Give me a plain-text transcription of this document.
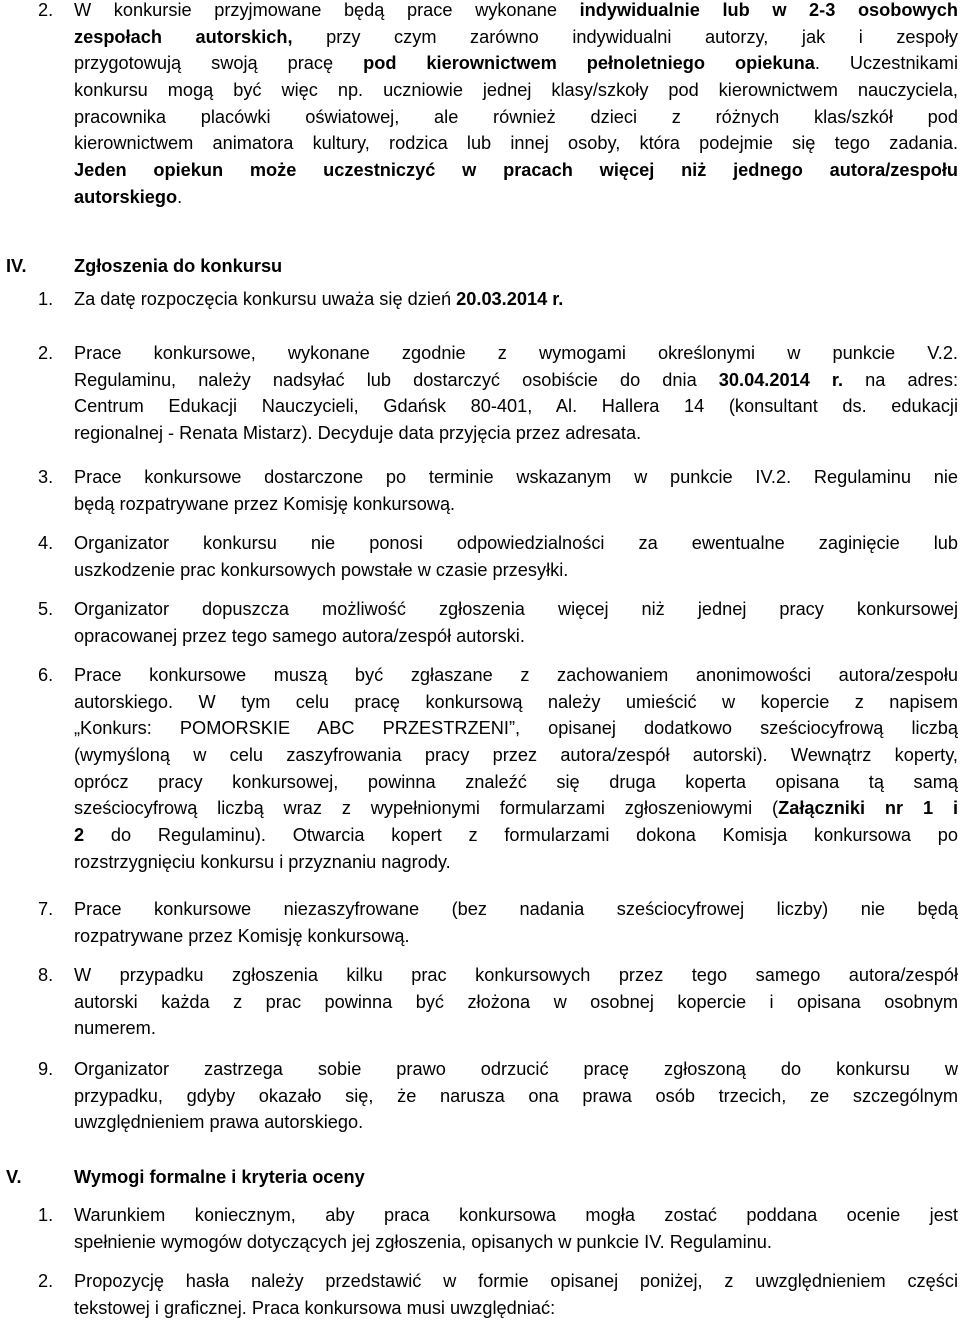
2. W konkursie przyjmowane będą prace wykonane indywidualnie lub w 2-3 osobowych
zespołach autorskich, przy czym zarówno indywidualni autorzy, jak i zespoły
przygotowują swoją pracę pod kierownictwem pełnoletniego opiekuna. Uczestnikami
konkursu mogą być więc np. uczniowie jednej klasy/szkoły pod kierownictwem nauczyciela,
pracownika placówki oświatowej, ale również dzieci z różnych klas/szkół pod
kierownictwem animatora kultury, rodzica lub innej osoby, która podejmie się tego zadania.
Jeden opiekun może uczestniczyć w pracach więcej niż jednego autora/zespołu
autorskiego.
IV.	Zgłoszenia do konkursu
1. Za datę rozpoczęcia konkursu uważa się dzień 20.03.2014 r.
2. Prace konkursowe, wykonane zgodnie z wymogami określonymi w punkcie V.2.
Regulaminu, należy nadsyłać lub dostarczyć osobiście do dnia 30.04.2014 r. na adres:
Centrum Edukacji Nauczycieli, Gdańsk 80-401, Al. Hallera 14 (konsultant ds. edukacji
regionalnej - Renata Mistarz). Decyduje data przyjęcia przez adresata.
3. Prace konkursowe dostarczone po terminie wskazanym w punkcie IV.2. Regulaminu nie
będą rozpatrywane przez Komisję konkursową.
4. Organizator konkursu nie ponosi odpowiedzialności za ewentualne zaginięcie lub
uszkodzenie prac konkursowych powstałe w czasie przesyłki.
5. Organizator dopuszcza możliwość zgłoszenia więcej niż jednej pracy konkursowej
opracowanej przez tego samego autora/zespół autorski.
6. Prace konkursowe muszą być zgłaszane z zachowaniem anonimowości autora/zespołu
autorskiego. W tym celu pracę konkursową należy umieścić w kopercie z napisem
„Konkurs: POMORSKIE ABC PRZESTRZENI”, opisanej dodatkowo sześciocyfrową liczbą
(wymyśloną w celu zaszyfrowania pracy przez autora/zespół autorski). Wewnątrz koperty,
oprócz pracy konkursowej, powinna znaleźć się druga koperta opisana tą samą
sześciocyfrową liczbą wraz z wypełnionymi formularzami zgłoszeniowymi (Załączniki nr 1 i
2 do Regulaminu). Otwarcia kopert z formularzami dokona Komisja konkursowa po
rozstrzygnięciu konkursu i przyznaniu nagrody.
7. Prace konkursowe niezaszyfrowane (bez nadania sześciocyfrowej liczby) nie będą
rozpatrywane przez Komisję konkursową.
8. W przypadku zgłoszenia kilku prac konkursowych przez tego samego autora/zespół
autorski każda z prac powinna być złożona w osobnej kopercie i opisana osobnym
numerem.
9. Organizator zastrzega sobie prawo odrzucić pracę zgłoszoną do konkursu w
przypadku, gdyby okazało się, że narusza ona prawa osób trzecich, ze szczególnym
uwzględnieniem prawa autorskiego.
V.	Wymogi formalne i kryteria oceny
1. Warunkiem koniecznym, aby praca konkursowa mogła zostać poddana ocenie jest
spełnienie wymogów dotyczących jej zgłoszenia, opisanych w punkcie IV. Regulaminu.
2. Propozycję hasła należy przedstawić w formie opisanej poniżej, z uwzględnieniem części
tekstowej i graficznej. Praca konkursowa musi uwzględniać:
